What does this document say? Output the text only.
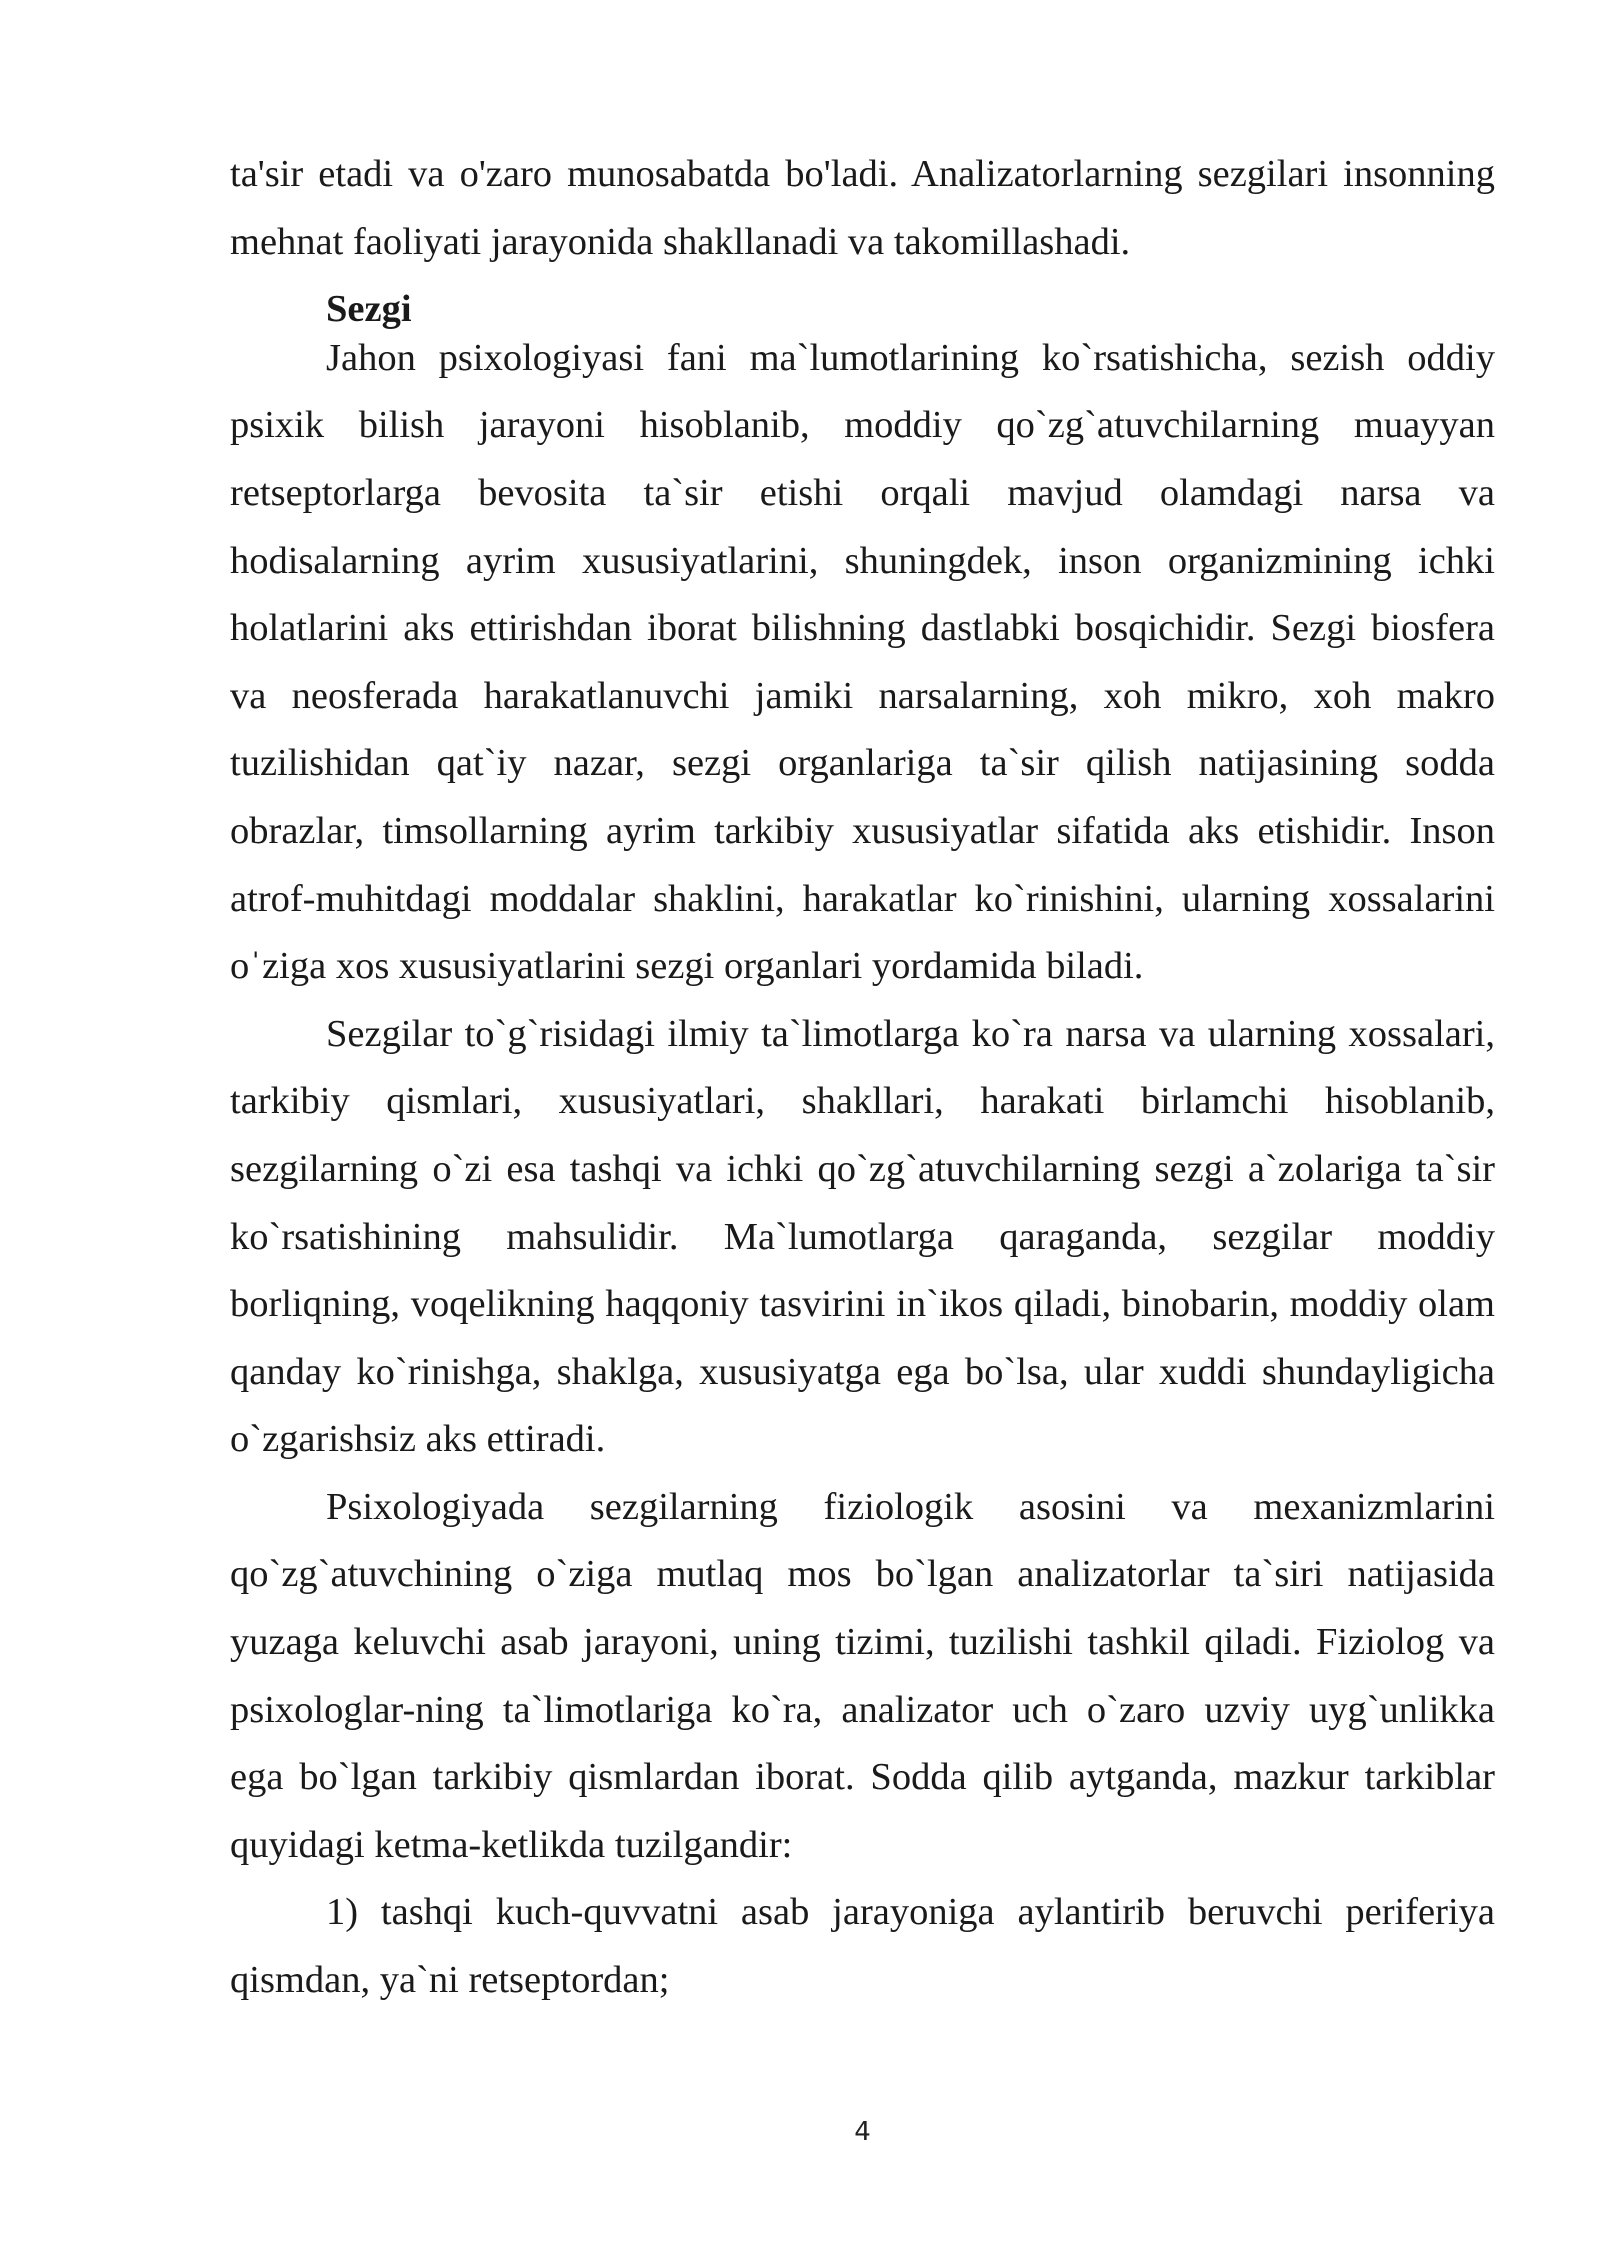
ta'sir etadi va o'zaro munosabatda bo'ladi. Analizatorlarning sezgilari insonning
mehnat faoliyati jarayonida shakllanadi va takomillashadi.
Sezgi
Jahon psixologiyasi fani ma`lumotlarining ko`rsatishicha, sezish oddiy
psixik bilish jarayoni hisoblanib, moddiy qo`zg`atuvchilarning muayyan
retseptorlarga bevosita ta`sir etishi orqali mavjud olamdagi narsa va
hodisalarning ayrim xususiyatlarini, shuningdek, inson organizmining ichki
holatlarini aks ettirishdan iborat bilishning dastlabki bosqichidir. Sezgi biosfera
va neosferada harakatlanuvchi jamiki narsalarning, xoh mikro, xoh makro
tuzilishidan qat`iy nazar, sezgi organlariga ta`sir qilish natijasining sodda
obrazlar, timsollarning ayrim tarkibiy xususiyatlar sifatida aks etishidir. Inson
atrof-muhitdagi moddalar shaklini, harakatlar ko`rinishini, ularning xossalarini
oˈziga xos xususiyatlarini sezgi organlari yordamida biladi.
Sezgilar to`g`risidagi ilmiy ta`limotlarga ko`ra narsa va ularning xossalari,
tarkibiy qismlari, xususiyatlari, shakllari, harakati birlamchi hisoblanib,
sezgilarning o`zi esa tashqi va ichki qo`zg`atuvchilarning sezgi a`zolariga ta`sir
ko`rsatishining mahsulidir. Ma`lumotlarga qaraganda, sezgilar moddiy
borliqning, voqelikning haqqoniy tasvirini in`ikos qiladi, binobarin, moddiy olam
qanday ko`rinishga, shaklga, xususiyatga ega bo`lsa, ular xuddi shundayligicha
o`zgarishsiz aks ettiradi.
Psixologiyada sezgilarning fiziologik asosini va mexanizmlarini
qo`zg`atuvchining o`ziga mutlaq mos bo`lgan analizatorlar ta`siri natijasida
yuzaga keluvchi asab jarayoni, uning tizimi, tuzilishi tashkil qiladi. Fiziolog va
psixologlar-ning ta`limotlariga ko`ra, analizator uch o`zaro uzviy uyg`unlikka
ega bo`lgan tarkibiy qismlardan iborat. Sodda qilib aytganda, mazkur tarkiblar
quyidagi ketma-ketlikda tuzilgandir:
1) tashqi kuch-quvvatni asab jarayoniga aylantirib beruvchi periferiya
qismdan, ya`ni retseptordan;
4
